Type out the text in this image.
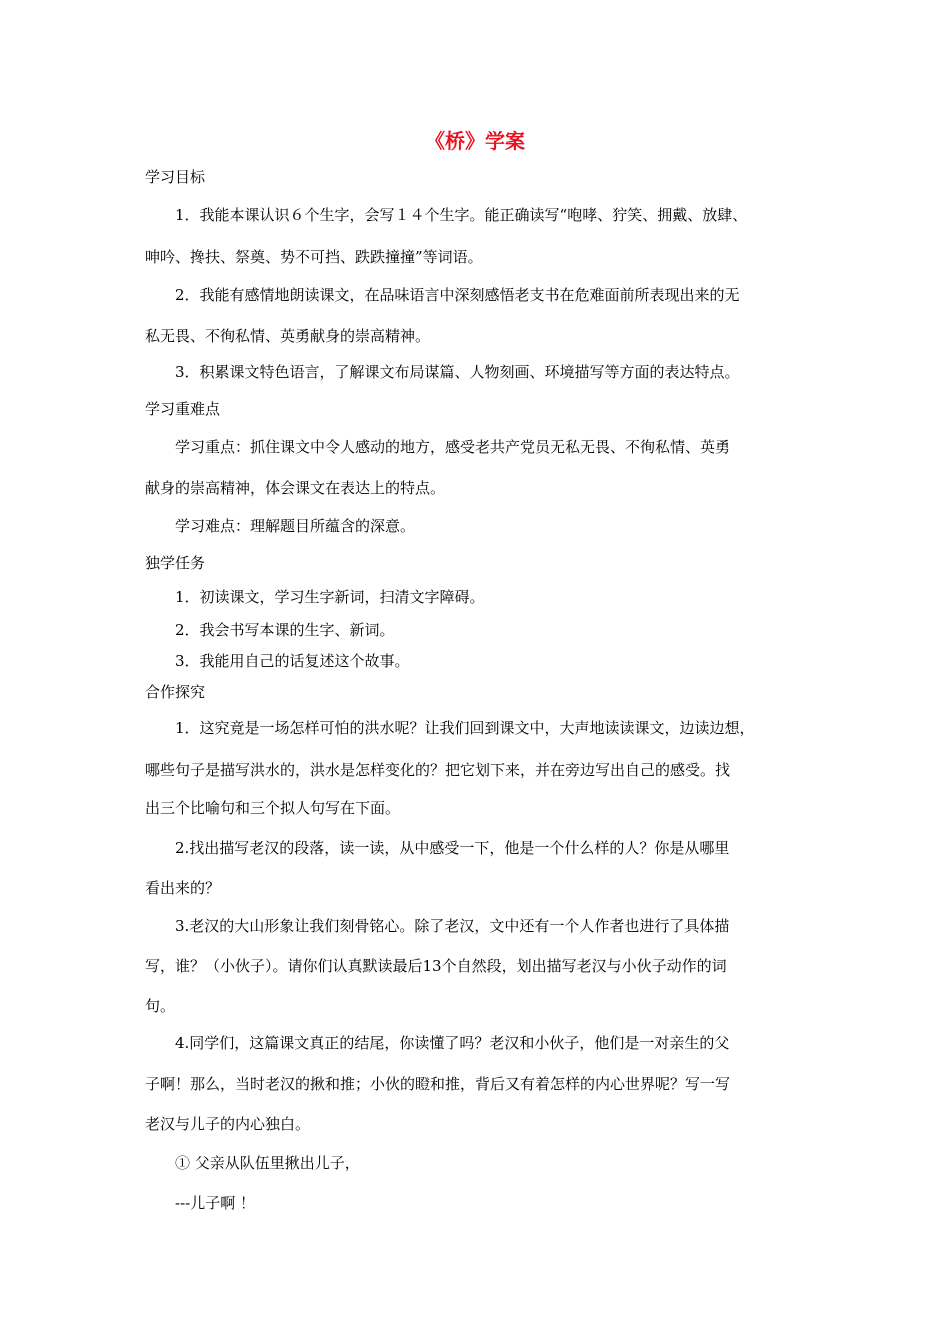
《桥》学案
学习目标
1．我能本课认识６个生字，会写１４个生字。能正确读写“咆哮、狞笑、拥戴、放肆、
呻吟、搀扶、祭奠、势不可挡、跌跌撞撞”等词语。
2．我能有感情地朗读课文，在品味语言中深刻感悟老支书在危难面前所表现出来的无
私无畏、不徇私情、英勇献身的崇高精神。
3．积累课文特色语言，了解课文布局谋篇、人物刻画、环境描写等方面的表达特点。
学习重难点
学习重点：抓住课文中令人感动的地方，感受老共产党员无私无畏、不徇私情、英勇
献身的崇高精神，体会课文在表达上的特点。
学习难点：理解题目所蕴含的深意。
独学任务
1．初读课文，学习生字新词，扫清文字障碍。
2．我会书写本课的生字、新词。
3．我能用自己的话复述这个故事。
合作探究
1．这究竟是一场怎样可怕的洪水呢？让我们回到课文中，大声地读读课文，边读边想，
哪些句子是描写洪水的，洪水是怎样变化的？把它划下来，并在旁边写出自己的感受。找
出三个比喻句和三个拟人句写在下面。
2.找出描写老汉的段落，读一读，从中感受一下，他是一个什么样的人？你是从哪里
看出来的？
3.老汉的大山形象让我们刻骨铭心。除了老汉，文中还有一个人作者也进行了具体描
写，谁？（小伙子）。请你们认真默读最后13个自然段，划出描写老汉与小伙子动作的词
句。
4.同学们，这篇课文真正的结尾，你读懂了吗？老汉和小伙子，他们是一对亲生的父
子啊！那么，当时老汉的揪和推；小伙的瞪和推，背后又有着怎样的内心世界呢？写一写
老汉与儿子的内心独白。
① 父亲从队伍里揪出儿子，
---儿子啊 ！
